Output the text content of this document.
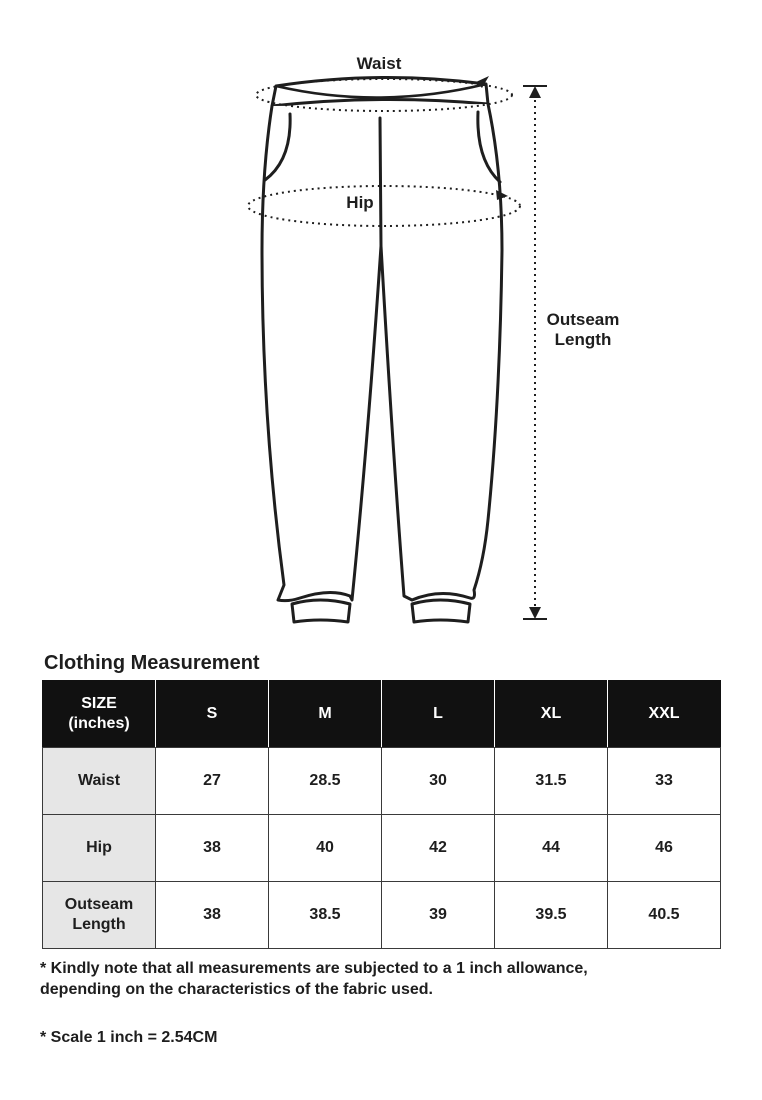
Waist
Hip
Outseam
Length
Clothing Measurement
SIZE
(inches)	S	M	L	XL	XXL
Waist	27	28.5	30	31.5	33
Hip	38	40	42	44	46
Outseam
Length	38	38.5	39	39.5	40.5
* Kindly note that all measurements are subjected to a 1 inch allowance,
depending on the characteristics of the fabric used.
* Scale 1 inch = 2.54CM
